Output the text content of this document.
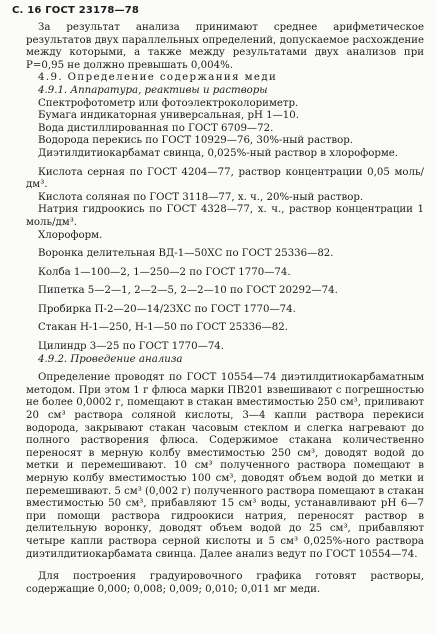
С. 16 ГОСТ 23178—78

За результат анализа принимают среднее арифметическое результатов двух параллельных определений, допускаемое расхождение между которыми, а также между результатами двух анализов при Р=0,95 не должно превышать 0,004%.

4.9. Определение содержания меди

4.9.1. Аппаратура, реактивы и растворы

Спектрофотометр или фотоэлектроколориметр.

Бумага индикаторная универсальная, рН 1—10.

Вода дистиллированная по ГОСТ 6709—72.

Водорода перекись по ГОСТ 10929—76, 30%-ный раствор.

Диэтилдитиокарбамат свинца, 0,025%-ный раствор в хлороформе.

Кислота серная по ГОСТ 4204—77, раствор концентрации 0,05 моль/дм³.

Кислота соляная по ГОСТ 3118—77, х. ч., 20%-ный раствор.

Натрия гидроокись по ГОСТ 4328—77, х. ч., раствор концентрации 1 моль/дм³.

Хлороформ.

Воронка делительная ВД-1—50ХС по ГОСТ 25336—82.

Колба 1—100—2, 1—250—2 по ГОСТ 1770—74.

Пипетка 5—2—1, 2—2—5, 2—2—10 по ГОСТ 20292—74.

Пробирка П-2—20—14/23ХС по ГОСТ 1770—74.

Стакан Н-1—250, Н-1—50 по ГОСТ 25336—82.

Цилиндр 3—25 по ГОСТ 1770—74.

4.9.2. Проведение анализа

Определение проводят по ГОСТ 10554—74 диэтилдитиокарбаматным методом. При этом 1 г флюса марки ПВ201 взвешивают с погрешностью не более 0,0002 г, помещают в стакан вместимостью 250 см³, приливают 20 см³ раствора соляной кислоты, 3—4 капли раствора перекиси водорода, закрывают стакан часовым стеклом и слегка нагревают до полного растворения флюса. Содержимое стакана количественно переносят в мерную колбу вместимостью 250 см³, доводят водой до метки и перемешивают. 10 см³ полученного раствора помещают в мерную колбу вместимостью 100 см³, доводят объем водой до метки и перемешивают. 5 см³ (0,002 г) полученного раствора помещают в стакан вместимостью 50 см³, прибавляют 15 см³ воды, устанавливают рН 6—7 при помощи раствора гидроокиси натрия, переносят раствор в делительную воронку, доводят объем водой до 25 см³, прибавляют четыре капли раствора серной кислоты и 5 см³ 0,025%-ного раствора диэтилдитиокарбамата свинца. Далее анализ ведут по ГОСТ 10554—74.

Для построения градуировочного графика готовят растворы, содержащие 0,000; 0,008; 0,009; 0,010; 0,011 мг меди.
